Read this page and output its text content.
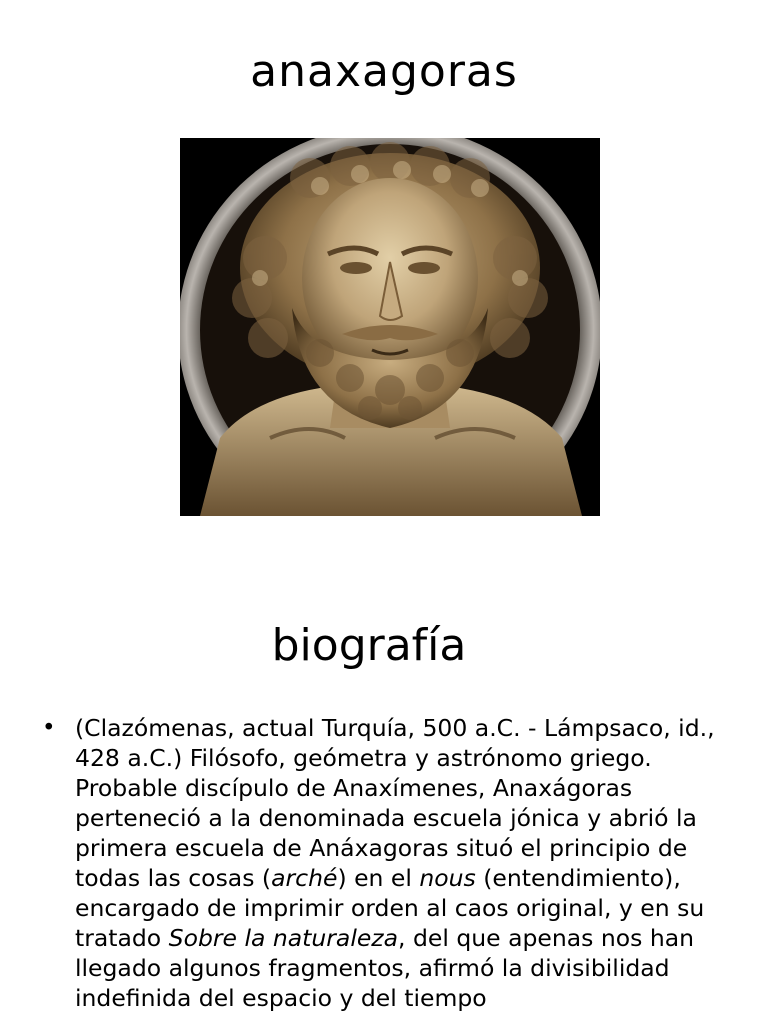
anaxagoras
biografía
• (Clazómenas, actual Turquía, 500 a.C. - Lámpsaco, id., 428 a.C.) Filósofo, geómetra y astrónomo griego. Probable discípulo de Anaxímenes, Anaxágoras perteneció a la denominada escuela jónica y abrió la primera escuela de Anáxagoras situó el principio de todas las cosas (arché) en el nous (entendimiento), encargado de imprimir orden al caos original, y en su tratado Sobre la naturaleza, del que apenas nos han llegado algunos fragmentos, afirmó la divisibilidad indefinida del espacio y del tiempo
